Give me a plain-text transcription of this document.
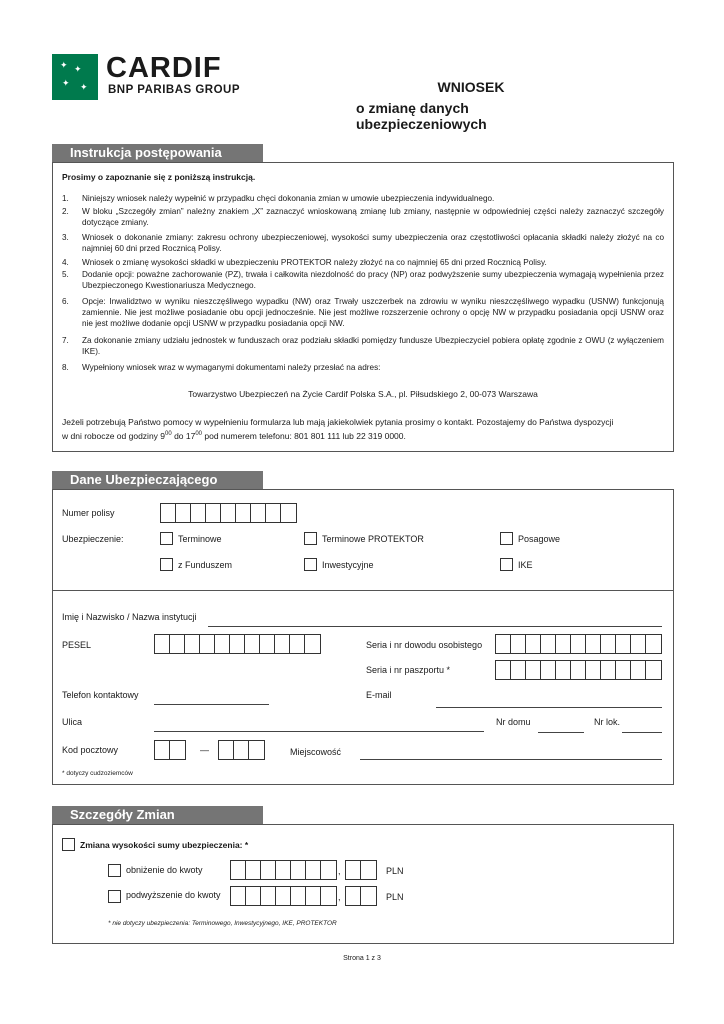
✦ ✦
✦ ✦
CARDIF
BNP PARIBAS GROUP	WNIOSEK
o zmianę danych ubezpieczeniowych
Instrukcja postępowania
Prosimy o zapoznanie się z poniższą instrukcją.
1. Niniejszy wniosek należy wypełnić w przypadku chęci dokonania zmian w umowie ubezpieczenia indywidualnego.
2. W bloku „Szczegóły zmian” należny znakiem „X” zaznaczyć wnioskowaną zmianę lub zmiany, następnie w odpowiedniej części należy zaznaczyć szczegóły dotyczące zmiany.
3. Wniosek o dokonanie zmiany: zakresu ochrony ubezpieczeniowej, wysokości sumy ubezpieczenia oraz częstotliwości opłacania składki należy złożyć na co najmniej 60 dni przed Rocznicą Polisy.
4. Wniosek o zmianę wysokości składki w ubezpieczeniu PROTEKTOR należy złożyć na co najmniej 65 dni przed Rocznicą Polisy.
5. Dodanie opcji: poważne zachorowanie (PZ), trwała i całkowita niezdolność do pracy (NP) oraz podwyższenie sumy ubezpieczenia wymagają wypełnienia przez Ubezpieczonego Kwestionariusza Medycznego.
6. Opcje: Inwalidztwo w wyniku nieszczęśliwego wypadku (NW) oraz Trwały uszczerbek na zdrowiu w wyniku nieszczęśliwego wypadku (USNW) funkcjonują zamiennie. Nie jest możliwe posiadanie obu opcji jednocześnie. Nie jest możliwe rozszerzenie ochrony o opcję NW w przypadku posiadania opcji USNW oraz nie jest możliwe dodanie opcji USNW w przypadku posiadania opcji NW.
7. Za dokonanie zmiany udziału jednostek w funduszach oraz podziału składki pomiędzy fundusze Ubezpieczyciel pobiera opłatę zgodnie z OWU (z wyłączeniem IKE).
8. Wypełniony wniosek wraz w wymaganymi dokumentami należy przesłać na adres:
Towarzystwo Ubezpieczeń na Życie Cardif Polska S.A., pl. Piłsudskiego 2, 00-073 Warszawa
Jeżeli potrzebują Państwo pomocy w wypełnieniu formularza lub mają jakiekolwiek pytania prosimy o kontakt. Pozostajemy do Państwa dyspozycji
w dni robocze od godziny $9^{00}$ do $17^{00}$ pod numerem telefonu: 801 801 111 lub 22 319 0000.
Dane Ubezpieczającego
Numer polisy
Ubezpieczenie:	Terminowe	Terminowe PROTEKTOR	Posagowe
z Funduszem	Inwestycyjne	IKE
Imię i Nazwisko / Nazwa instytucji
PESEL	Seria i nr dowodu osobistego
Seria i nr paszportu *
Telefon kontaktowy	E-mail
Ulica	Nr domu	Nr lok.
Kod pocztowy	—	Miejscowość
* dotyczy cudzoziemców
Szczegóły Zmian
Zmiana wysokości sumy ubezpieczenia: *
obniżenie do kwoty	,	PLN
podwyższenie do kwoty	,	PLN
* nie dotyczy ubezpieczenia: Terminowego, Inwestycyjnego, IKE, PROTEKTOR
Strona 1 z 3
